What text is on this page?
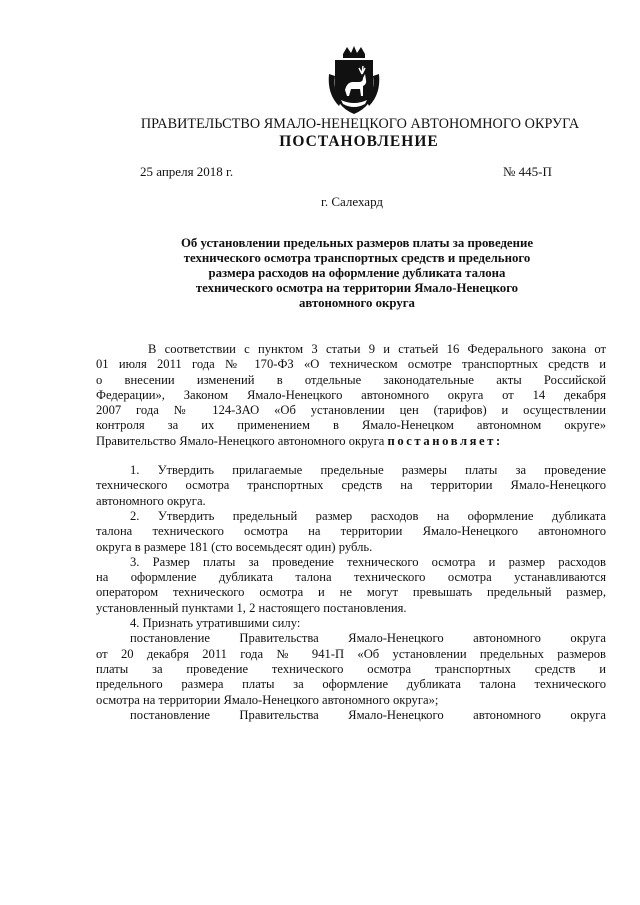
ПРАВИТЕЛЬСТВО ЯМАЛО-НЕНЕЦКОГО АВТОНОМНОГО ОКРУГА
ПОСТАНОВЛЕНИЕ
25 апреля 2018 г.	№ 445-П
г. Салехард
Об установлении предельных размеров платы за проведение
технического осмотра транспортных средств и предельного
размера расходов на оформление дубликата талона
технического осмотра на территории Ямало-Ненецкого
автономного округа
В соответствии с пунктом 3 статьи 9 и статьей 16 Федерального закона от
01 июля 2011 года № 170-ФЗ «О техническом осмотре транспортных средств и
о внесении изменений в отдельные законодательные акты Российской
Федерации», Законом Ямало-Ненецкого автономного округа от 14 декабря
2007 года № 124-ЗАО «Об установлении цен (тарифов) и осуществлении
контроля за их применением в Ямало-Ненецком автономном округе»
Правительство Ямало-Ненецкого автономного округа постановляет:
1. Утвердить прилагаемые предельные размеры платы за проведение
технического осмотра транспортных средств на территории Ямало-Ненецкого
автономного округа.
2. Утвердить предельный размер расходов на оформление дубликата
талона технического осмотра на территории Ямало-Ненецкого автономного
округа в размере 181 (сто восемьдесят один) рубль.
3. Размер платы за проведение технического осмотра и размер расходов
на оформление дубликата талона технического осмотра устанавливаются
оператором технического осмотра и не могут превышать предельный размер,
установленный пунктами 1, 2 настоящего постановления.
4. Признать утратившими силу:
постановление Правительства Ямало-Ненецкого автономного округа
от 20 декабря 2011 года № 941-П «Об установлении предельных размеров
платы за проведение технического осмотра транспортных средств и
предельного размера платы за оформление дубликата талона технического
осмотра на территории Ямало-Ненецкого автономного округа»;
постановление Правительства Ямало-Ненецкого автономного округа
